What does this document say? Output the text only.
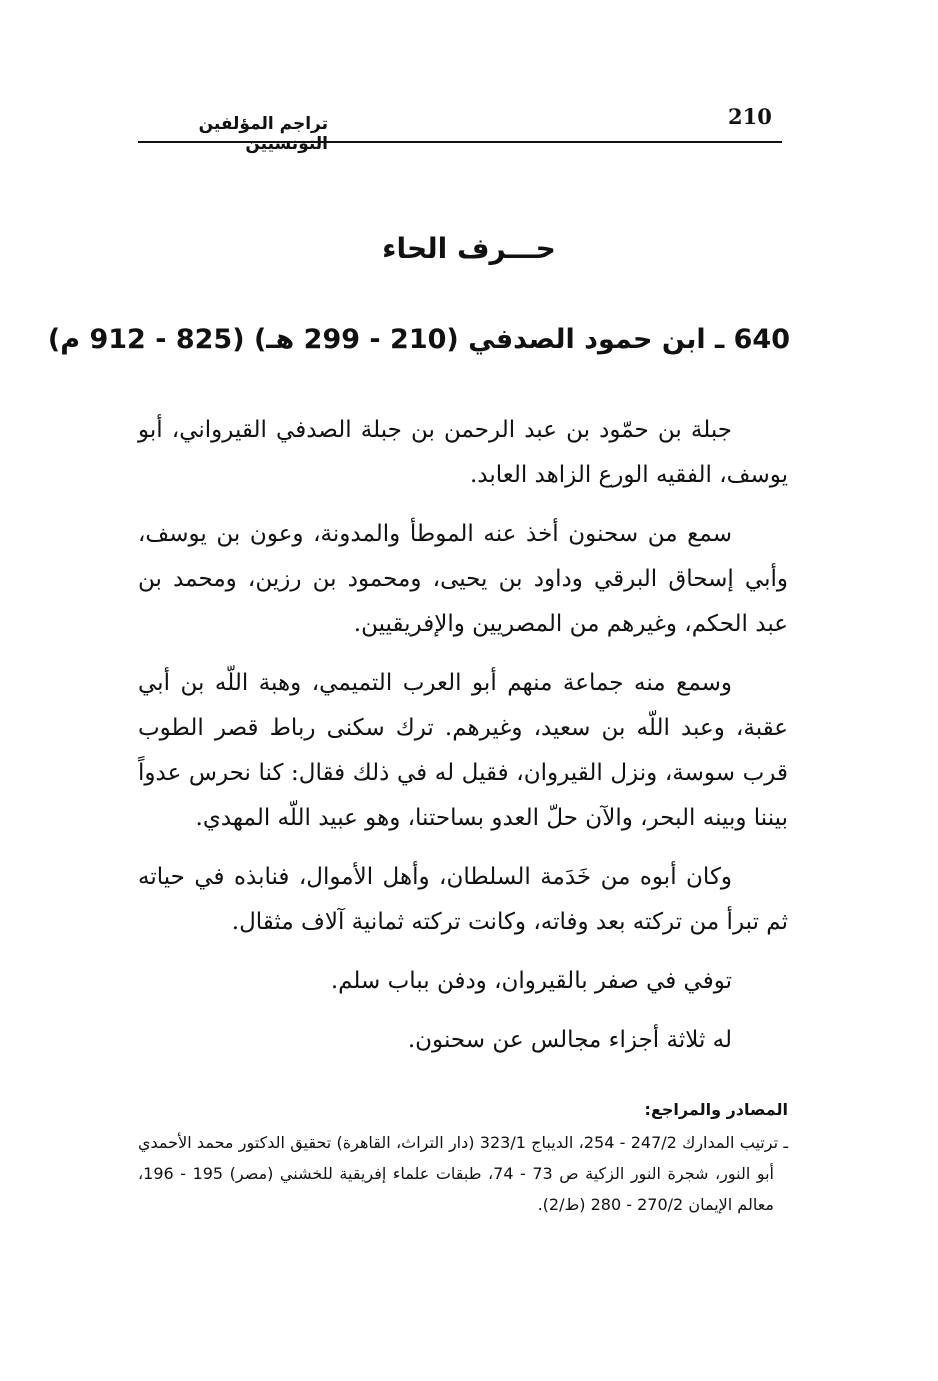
210
تراجم المؤلفين التونسيين
حـــرف الحاء
640 ـ ابن حمود الصدفي (210 - 299 هـ) (825 - 912 م)

جبلة بن حمّود بن عبد الرحمن بن جبلة الصدفي القيرواني، أبو يوسف، الفقيه الورع الزاهد العابد.

سمع من سحنون أخذ عنه الموطأ والمدونة، وعون بن يوسف، وأبي إسحاق البرقي وداود بن يحيى، ومحمود بن رزين، ومحمد بن عبد الحكم، وغيرهم من المصريين والإفريقيين.

وسمع منه جماعة منهم أبو العرب التميمي، وهبة اللّه بن أبي عقبة، وعبد اللّه بن سعيد، وغيرهم. ترك سكنى رباط قصر الطوب قرب سوسة، ونزل القيروان، فقيل له في ذلك فقال: كنا نحرس عدواً بيننا وبينه البحر، والآن حلّ العدو بساحتنا، وهو عبيد اللّه المهدي.

وكان أبوه من خَدَمة السلطان، وأهل الأموال، فنابذه في حياته ثم تبرأ من تركته بعد وفاته، وكانت تركته ثمانية آلاف مثقال.

توفي في صفر بالقيروان، ودفن بباب سلم.

له ثلاثة أجزاء مجالس عن سحنون.

المصادر والمراجع:
ـ ترتيب المدارك 247/2 - 254، الديباج 323/1 (دار التراث، القاهرة) تحقيق الدكتور محمد الأحمدي أبو النور، شجرة النور الزكية ص 73 - 74، طبقات علماء إفريقية للخشني (مصر) 195 - 196، معالم الإيمان 270/2 - 280 (ط/2).
